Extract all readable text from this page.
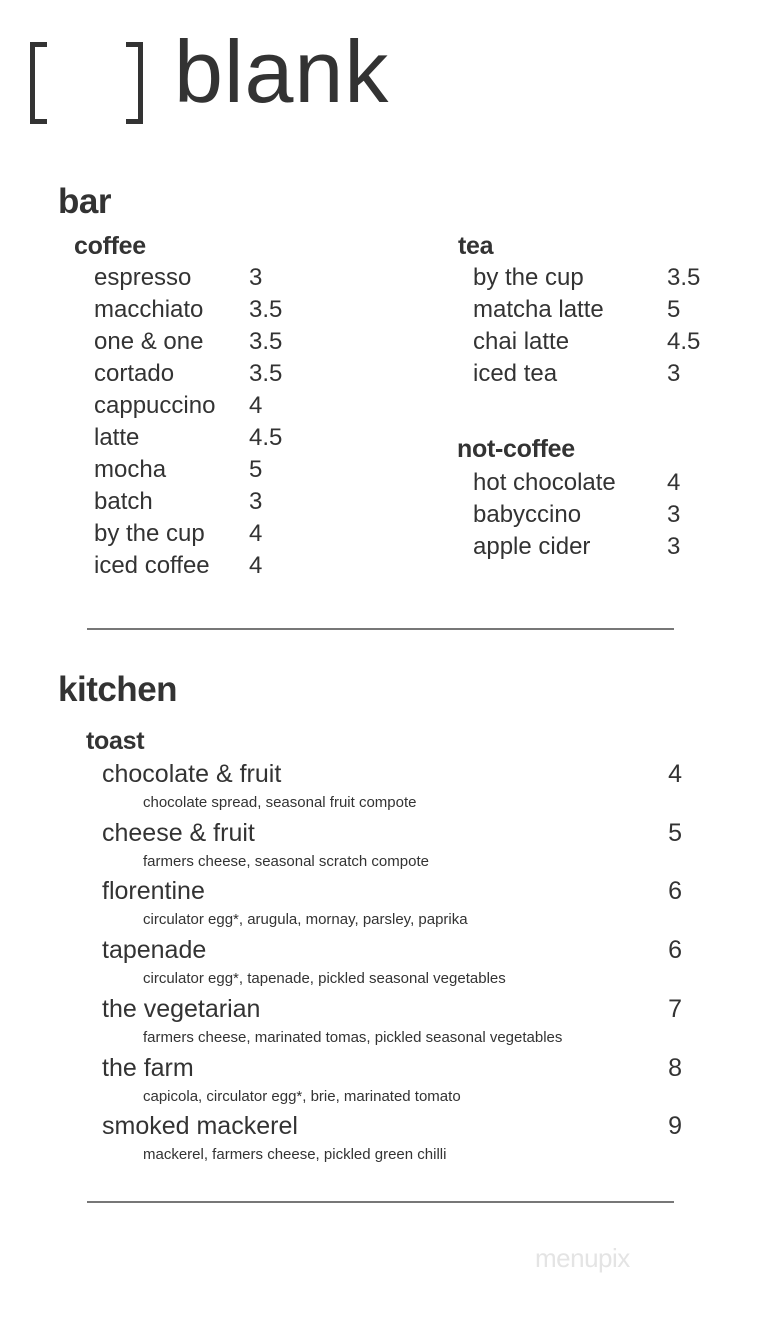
blank
bar
coffee
espresso 3
macchiato 3.5
one & one 3.5
cortado	3.5
cappuccino 4
latte	4.5
mocha	5
batch	3
by the cup 4
iced coffee 4
tea
by the cup	3.5
matcha latte	5
chai latte	4.5
iced tea	3
not-coffee
hot chocolate 4
babyccino	3
apple cider	3
kitchen
toast
chocolate & fruit	4
chocolate spread, seasonal fruit compote
cheese & fruit	5
farmers cheese, seasonal scratch compote
florentine	6
circulator egg*, arugula, mornay, parsley, paprika
tapenade	6
circulator egg*, tapenade, pickled seasonal vegetables
the vegetarian	7
farmers cheese, marinated tomas, pickled seasonal vegetables
the farm	8
capicola, circulator egg*, brie, marinated tomato
smoked mackerel	9
mackerel, farmers cheese, pickled green chilli
menupix
